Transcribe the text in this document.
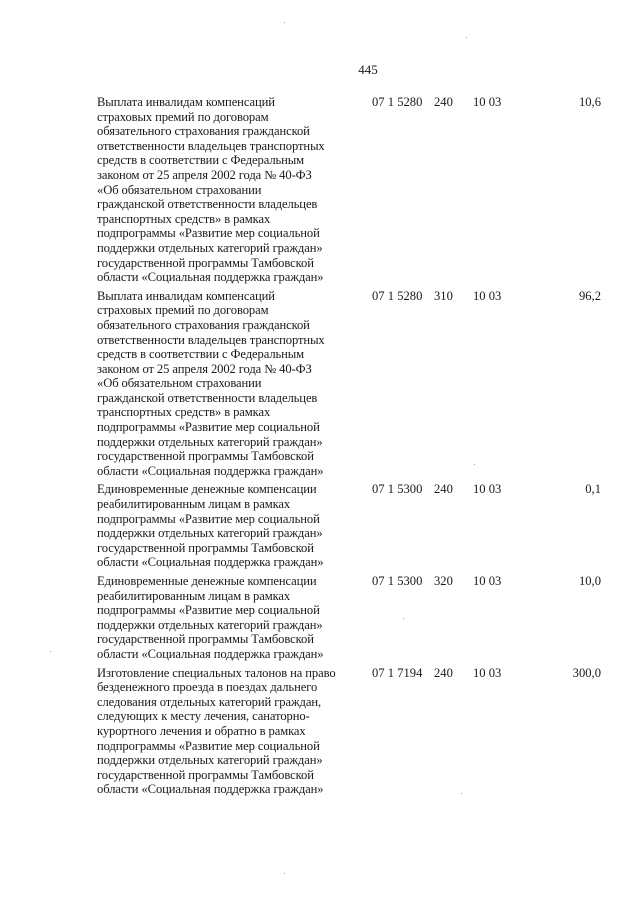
445
Выплата инвалидам компенсаций
страховых премий по договорам
обязательного страхования гражданской
ответственности владельцев транспортных
средств в соответствии с Федеральным
законом от 25 апреля 2002 года № 40-ФЗ
«Об обязательном страховании
гражданской ответственности владельцев
транспортных средств» в рамках
подпрограммы «Развитие мер социальной
поддержки отдельных категорий граждан»
государственной программы Тамбовской
области «Социальная поддержка граждан»
07 1 5280 240 10 03	10,6
Выплата инвалидам компенсаций
страховых премий по договорам
обязательного страхования гражданской
ответственности владельцев транспортных
средств в соответствии с Федеральным
законом от 25 апреля 2002 года № 40-ФЗ
«Об обязательном страховании
гражданской ответственности владельцев
транспортных средств» в рамках
подпрограммы «Развитие мер социальной
поддержки отдельных категорий граждан»
государственной программы Тамбовской
области «Социальная поддержка граждан»
07 1 5280 310 10 03	96,2
Единовременные денежные компенсации
реабилитированным лицам в рамках
подпрограммы «Развитие мер социальной
поддержки отдельных категорий граждан»
государственной программы Тамбовской
области «Социальная поддержка граждан»
07 1 5300 240 10 03	0,1
Единовременные денежные компенсации
реабилитированным лицам в рамках
подпрограммы «Развитие мер социальной
поддержки отдельных категорий граждан»
государственной программы Тамбовской
области «Социальная поддержка граждан»
07 1 5300 320 10 03	10,0
Изготовление специальных талонов на право
безденежного проезда в поездах дальнего
следования отдельных категорий граждан,
следующих к месту лечения, санаторно-
курортного лечения и обратно в рамках
подпрограммы «Развитие мер социальной
поддержки отдельных категорий граждан»
государственной программы Тамбовской
области «Социальная поддержка граждан»
07 1 7194 240 10 03	300,0
